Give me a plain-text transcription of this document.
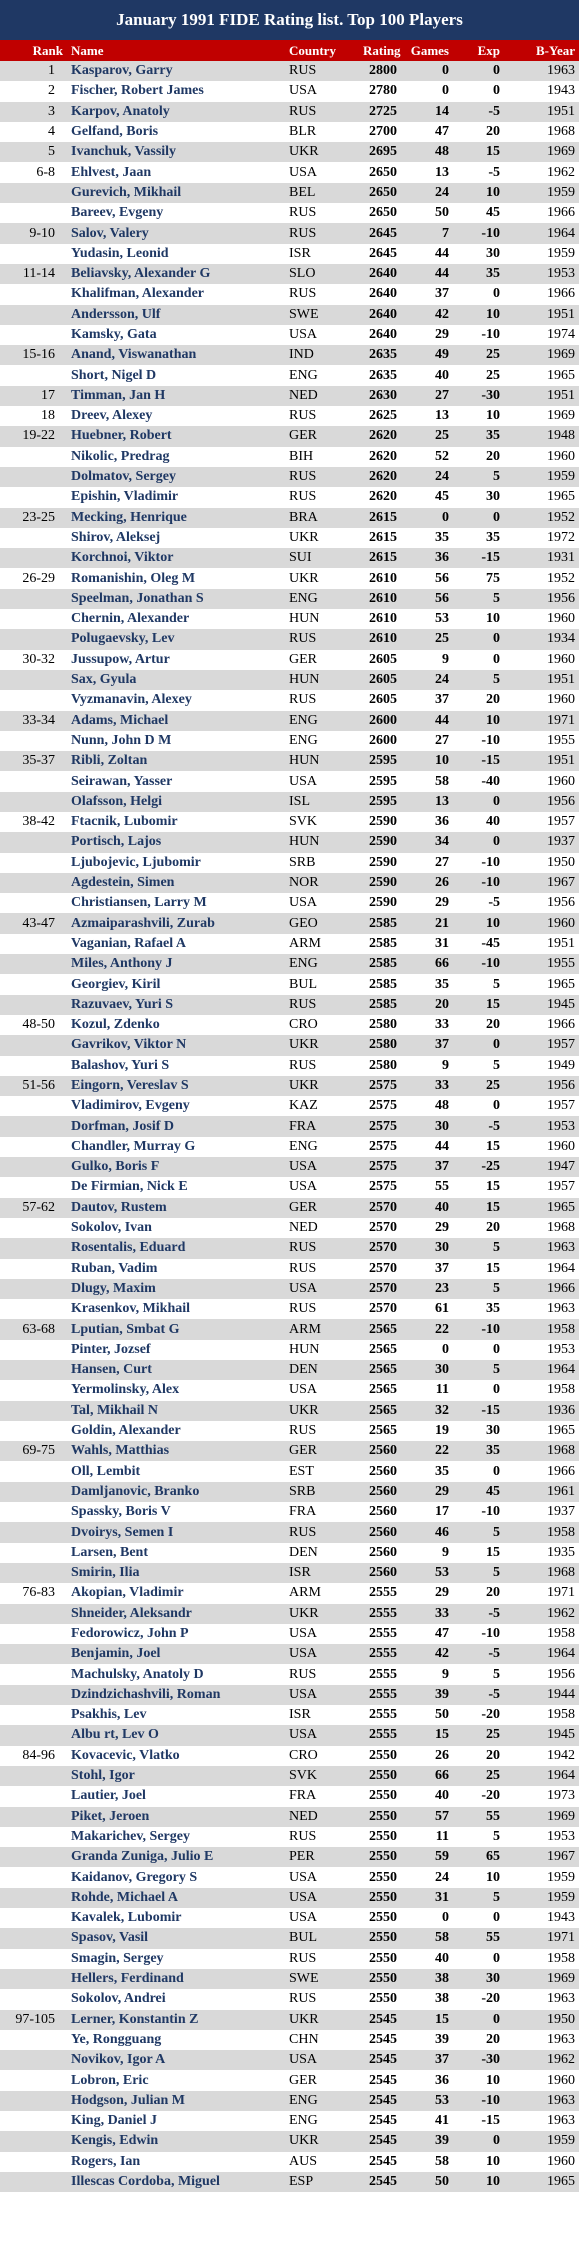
January 1991 FIDE Rating list. Top 100 Players
Rank	Name	Country	Rating	Games	Exp	B-Year
1	Kasparov, Garry	RUS	2800	0	0	1963
2	Fischer, Robert James	USA	2780	0	0	1943
3	Karpov, Anatoly	RUS	2725	14	-5	1951
4	Gelfand, Boris	BLR	2700	47	20	1968
5	Ivanchuk, Vassily	UKR	2695	48	15	1969
6-8	Ehlvest, Jaan	USA	2650	13	-5	1962
	Gurevich, Mikhail	BEL	2650	24	10	1959
	Bareev, Evgeny	RUS	2650	50	45	1966
9-10	Salov, Valery	RUS	2645	7	-10	1964
	Yudasin, Leonid	ISR	2645	44	30	1959
11-14	Beliavsky, Alexander G	SLO	2640	44	35	1953
	Khalifman, Alexander	RUS	2640	37	0	1966
	Andersson, Ulf	SWE	2640	42	10	1951
	Kamsky, Gata	USA	2640	29	-10	1974
15-16	Anand, Viswanathan	IND	2635	49	25	1969
	Short, Nigel D	ENG	2635	40	25	1965
17	Timman, Jan H	NED	2630	27	-30	1951
18	Dreev, Alexey	RUS	2625	13	10	1969
19-22	Huebner, Robert	GER	2620	25	35	1948
	Nikolic, Predrag	BIH	2620	52	20	1960
	Dolmatov, Sergey	RUS	2620	24	5	1959
	Epishin, Vladimir	RUS	2620	45	30	1965
23-25	Mecking, Henrique	BRA	2615	0	0	1952
	Shirov, Aleksej	UKR	2615	35	35	1972
	Korchnoi, Viktor	SUI	2615	36	-15	1931
26-29	Romanishin, Oleg M	UKR	2610	56	75	1952
	Speelman, Jonathan S	ENG	2610	56	5	1956
	Chernin, Alexander	HUN	2610	53	10	1960
	Polugaevsky, Lev	RUS	2610	25	0	1934
30-32	Jussupow, Artur	GER	2605	9	0	1960
	Sax, Gyula	HUN	2605	24	5	1951
	Vyzmanavin, Alexey	RUS	2605	37	20	1960
33-34	Adams, Michael	ENG	2600	44	10	1971
	Nunn, John D M	ENG	2600	27	-10	1955
35-37	Ribli, Zoltan	HUN	2595	10	-15	1951
	Seirawan, Yasser	USA	2595	58	-40	1960
	Olafsson, Helgi	ISL	2595	13	0	1956
38-42	Ftacnik, Lubomir	SVK	2590	36	40	1957
	Portisch, Lajos	HUN	2590	34	0	1937
	Ljubojevic, Ljubomir	SRB	2590	27	-10	1950
	Agdestein, Simen	NOR	2590	26	-10	1967
	Christiansen, Larry M	USA	2590	29	-5	1956
43-47	Azmaiparashvili, Zurab	GEO	2585	21	10	1960
	Vaganian, Rafael A	ARM	2585	31	-45	1951
	Miles, Anthony J	ENG	2585	66	-10	1955
	Georgiev, Kiril	BUL	2585	35	5	1965
	Razuvaev, Yuri S	RUS	2585	20	15	1945
48-50	Kozul, Zdenko	CRO	2580	33	20	1966
	Gavrikov, Viktor N	UKR	2580	37	0	1957
	Balashov, Yuri S	RUS	2580	9	5	1949
51-56	Eingorn, Vereslav S	UKR	2575	33	25	1956
	Vladimirov, Evgeny	KAZ	2575	48	0	1957
	Dorfman, Josif D	FRA	2575	30	-5	1953
	Chandler, Murray G	ENG	2575	44	15	1960
	Gulko, Boris F	USA	2575	37	-25	1947
	De Firmian, Nick E	USA	2575	55	15	1957
57-62	Dautov, Rustem	GER	2570	40	15	1965
	Sokolov, Ivan	NED	2570	29	20	1968
	Rosentalis, Eduard	RUS	2570	30	5	1963
	Ruban, Vadim	RUS	2570	37	15	1964
	Dlugy, Maxim	USA	2570	23	5	1966
	Krasenkov, Mikhail	RUS	2570	61	35	1963
63-68	Lputian, Smbat G	ARM	2565	22	-10	1958
	Pinter, Jozsef	HUN	2565	0	0	1953
	Hansen, Curt	DEN	2565	30	5	1964
	Yermolinsky, Alex	USA	2565	11	0	1958
	Tal, Mikhail N	UKR	2565	32	-15	1936
	Goldin, Alexander	RUS	2565	19	30	1965
69-75	Wahls, Matthias	GER	2560	22	35	1968
	Oll, Lembit	EST	2560	35	0	1966
	Damljanovic, Branko	SRB	2560	29	45	1961
	Spassky, Boris V	FRA	2560	17	-10	1937
	Dvoirys, Semen I	RUS	2560	46	5	1958
	Larsen, Bent	DEN	2560	9	15	1935
	Smirin, Ilia	ISR	2560	53	5	1968
76-83	Akopian, Vladimir	ARM	2555	29	20	1971
	Shneider, Aleksandr	UKR	2555	33	-5	1962
	Fedorowicz, John P	USA	2555	47	-10	1958
	Benjamin, Joel	USA	2555	42	-5	1964
	Machulsky, Anatoly D	RUS	2555	9	5	1956
	Dzindzichashvili, Roman	USA	2555	39	-5	1944
	Psakhis, Lev	ISR	2555	50	-20	1958
	Albu rt, Lev O	USA	2555	15	25	1945
84-96	Kovacevic, Vlatko	CRO	2550	26	20	1942
	Stohl, Igor	SVK	2550	66	25	1964
	Lautier, Joel	FRA	2550	40	-20	1973
	Piket, Jeroen	NED	2550	57	55	1969
	Makarichev, Sergey	RUS	2550	11	5	1953
	Granda Zuniga, Julio E	PER	2550	59	65	1967
	Kaidanov, Gregory S	USA	2550	24	10	1959
	Rohde, Michael A	USA	2550	31	5	1959
	Kavalek, Lubomir	USA	2550	0	0	1943
	Spasov, Vasil	BUL	2550	58	55	1971
	Smagin, Sergey	RUS	2550	40	0	1958
	Hellers, Ferdinand	SWE	2550	38	30	1969
	Sokolov, Andrei	RUS	2550	38	-20	1963
97-105	Lerner, Konstantin Z	UKR	2545	15	0	1950
	Ye, Rongguang	CHN	2545	39	20	1963
	Novikov, Igor A	USA	2545	37	-30	1962
	Lobron, Eric	GER	2545	36	10	1960
	Hodgson, Julian M	ENG	2545	53	-10	1963
	King, Daniel J	ENG	2545	41	-15	1963
	Kengis, Edwin	UKR	2545	39	0	1959
	Rogers, Ian	AUS	2545	58	10	1960
	Illescas Cordoba, Miguel	ESP	2545	50	10	1965
